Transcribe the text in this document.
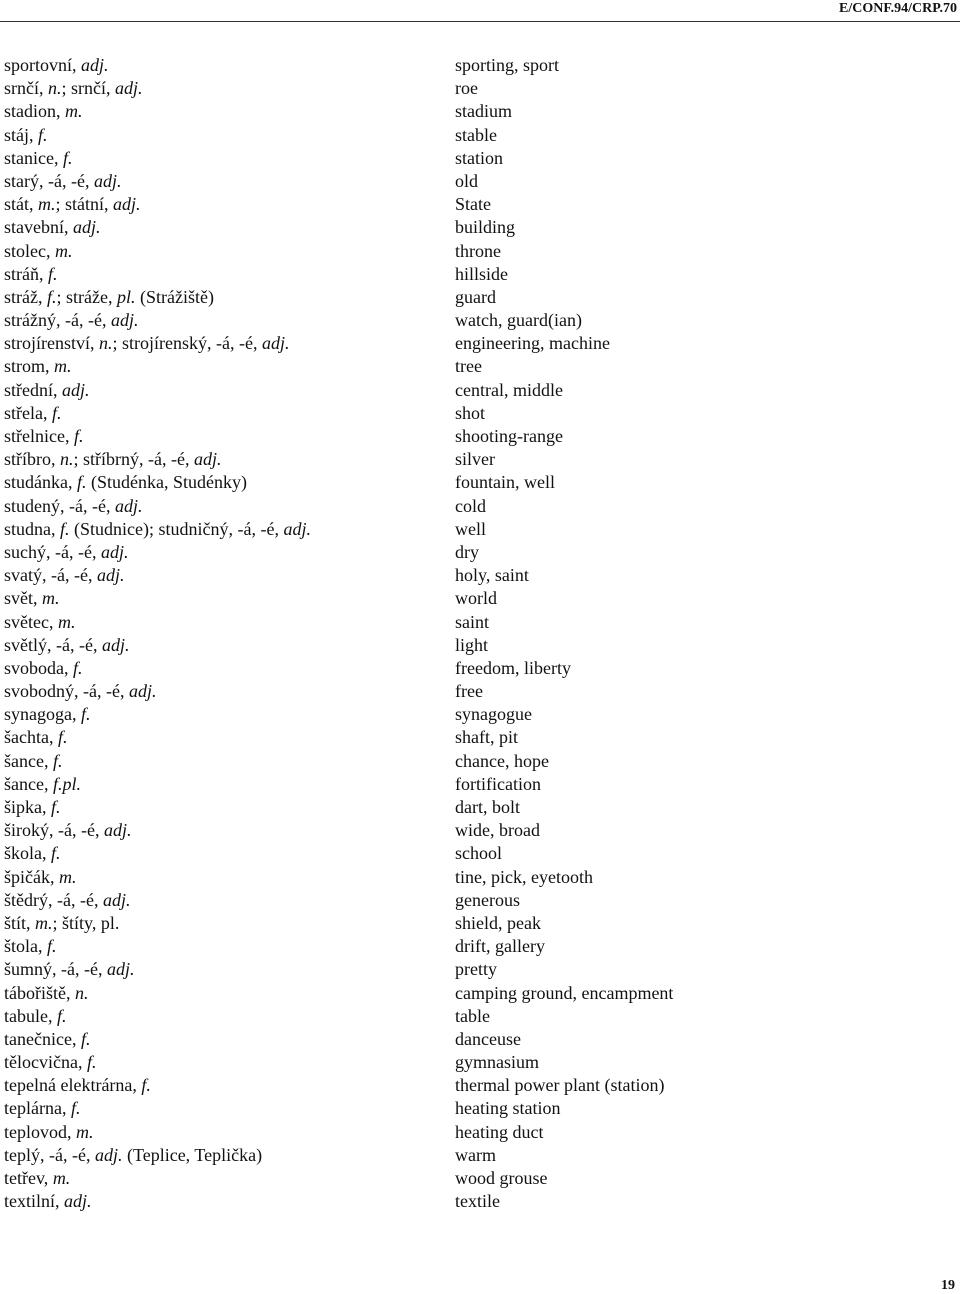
E/CONF.94/CRP.70
sportovní, adj.	sporting, sport
srnčí, n.; srnčí, adj.	roe
stadion, m.	stadium
stáj, f.	stable
stanice, f.	station
starý, -á, -é, adj.	old
stát, m.; státní, adj.	State
stavební, adj.	building
stolec, m.	throne
stráň, f.	hillside
stráž, f.; stráže, pl. (Strážiště)	guard
strážný, -á, -é, adj.	watch, guard(ian)
strojírenství, n.; strojírenský, -á, -é, adj.	engineering, machine
strom, m.	tree
střední, adj.	central, middle
střela, f.	shot
střelnice, f.	shooting-range
stříbro, n.; stříbrný, -á, -é, adj.	silver
studánka, f. (Studénka, Studénky)	fountain, well
studený, -á, -é, adj.	cold
studna, f. (Studnice); studničný, -á, -é, adj.	well
suchý, -á, -é, adj.	dry
svatý, -á, -é, adj.	holy, saint
svět, m.	world
světec, m.	saint
světlý, -á, -é, adj.	light
svoboda, f.	freedom, liberty
svobodný, -á, -é, adj.	free
synagoga, f.	synagogue
šachta, f.	shaft, pit
šance, f.	chance, hope
šance, f.pl.	fortification
šipka, f.	dart, bolt
široký, -á, -é, adj.	wide, broad
škola, f.	school
špičák, m.	tine, pick, eyetooth
štědrý, -á, -é, adj.	generous
štít, m.; štíty, pl.	shield, peak
štola, f.	drift, gallery
šumný, -á, -é, adj.	pretty
tábořiště, n.	camping ground, encampment
tabule, f.	table
tanečnice, f.	danceuse
tělocvična, f.	gymnasium
tepelná elektrárna, f.	thermal power plant (station)
teplárna, f.	heating station
teplovod, m.	heating duct
teplý, -á, -é, adj. (Teplice, Teplička)	warm
tetřev, m.	wood grouse
textilní, adj.	textile
19
